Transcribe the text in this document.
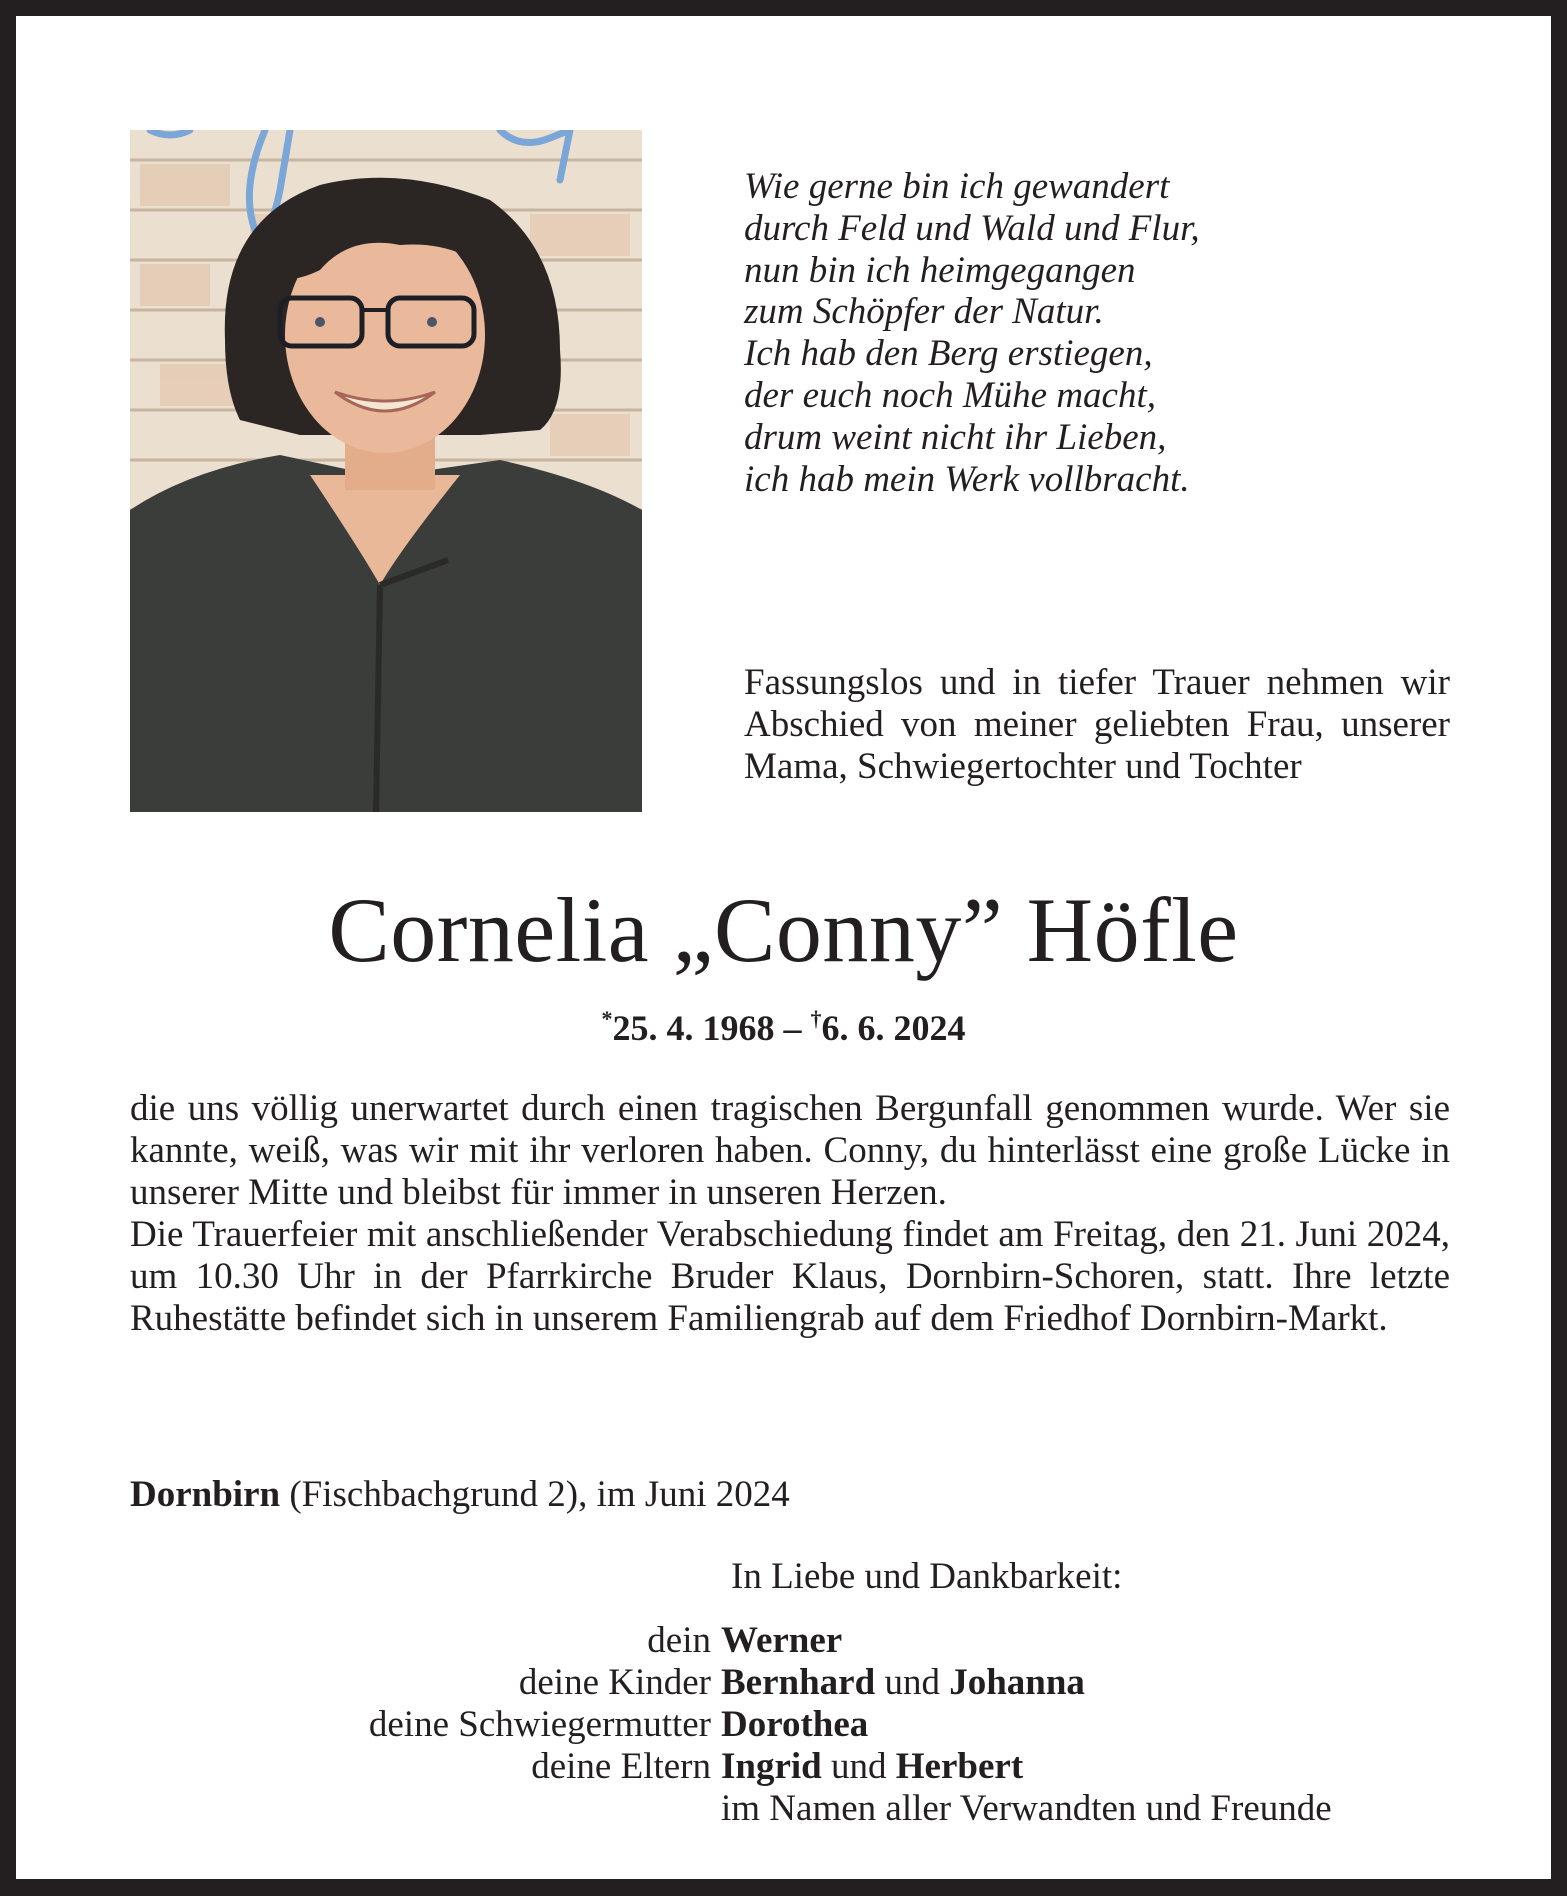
Wie gerne bin ich gewandert
durch Feld und Wald und Flur,
nun bin ich heimgegangen
zum Schöpfer der Natur.
Ich hab den Berg erstiegen,
der euch noch Mühe macht,
drum weint nicht ihr Lieben,
ich hab mein Werk vollbracht.
Fassungslos und in tiefer Trauer nehmen wir Abschied von meiner geliebten Frau, unserer Mama, Schwiegertochter und Tochter
Cornelia „Conny” Höfle
*25. 4. 1968 – †6. 6. 2024

die uns völlig unerwartet durch einen tragischen Bergunfall genommen wurde. Wer sie kannte, weiß, was wir mit ihr verloren haben. Conny, du hinterlässt eine große Lücke in unserer Mitte und bleibst für immer in unseren Herzen.

Die Trauerfeier mit anschließender Verabschiedung findet am Freitag, den 21. Juni 2024, um 10.30 Uhr in der Pfarrkirche Bruder Klaus, Dornbirn-Schoren, statt. Ihre letzte Ruhestätte befindet sich in unserem Familiengrab auf dem Friedhof Dornbirn-Markt.

Dornbirn (Fischbachgrund 2), im Juni 2024
In Liebe und Dankbarkeit:
dein Werner
deine Kinder Bernhard und Johanna
deine Schwiegermutter Dorothea
deine Eltern Ingrid und Herbert
im Namen aller Verwandten und Freunde
